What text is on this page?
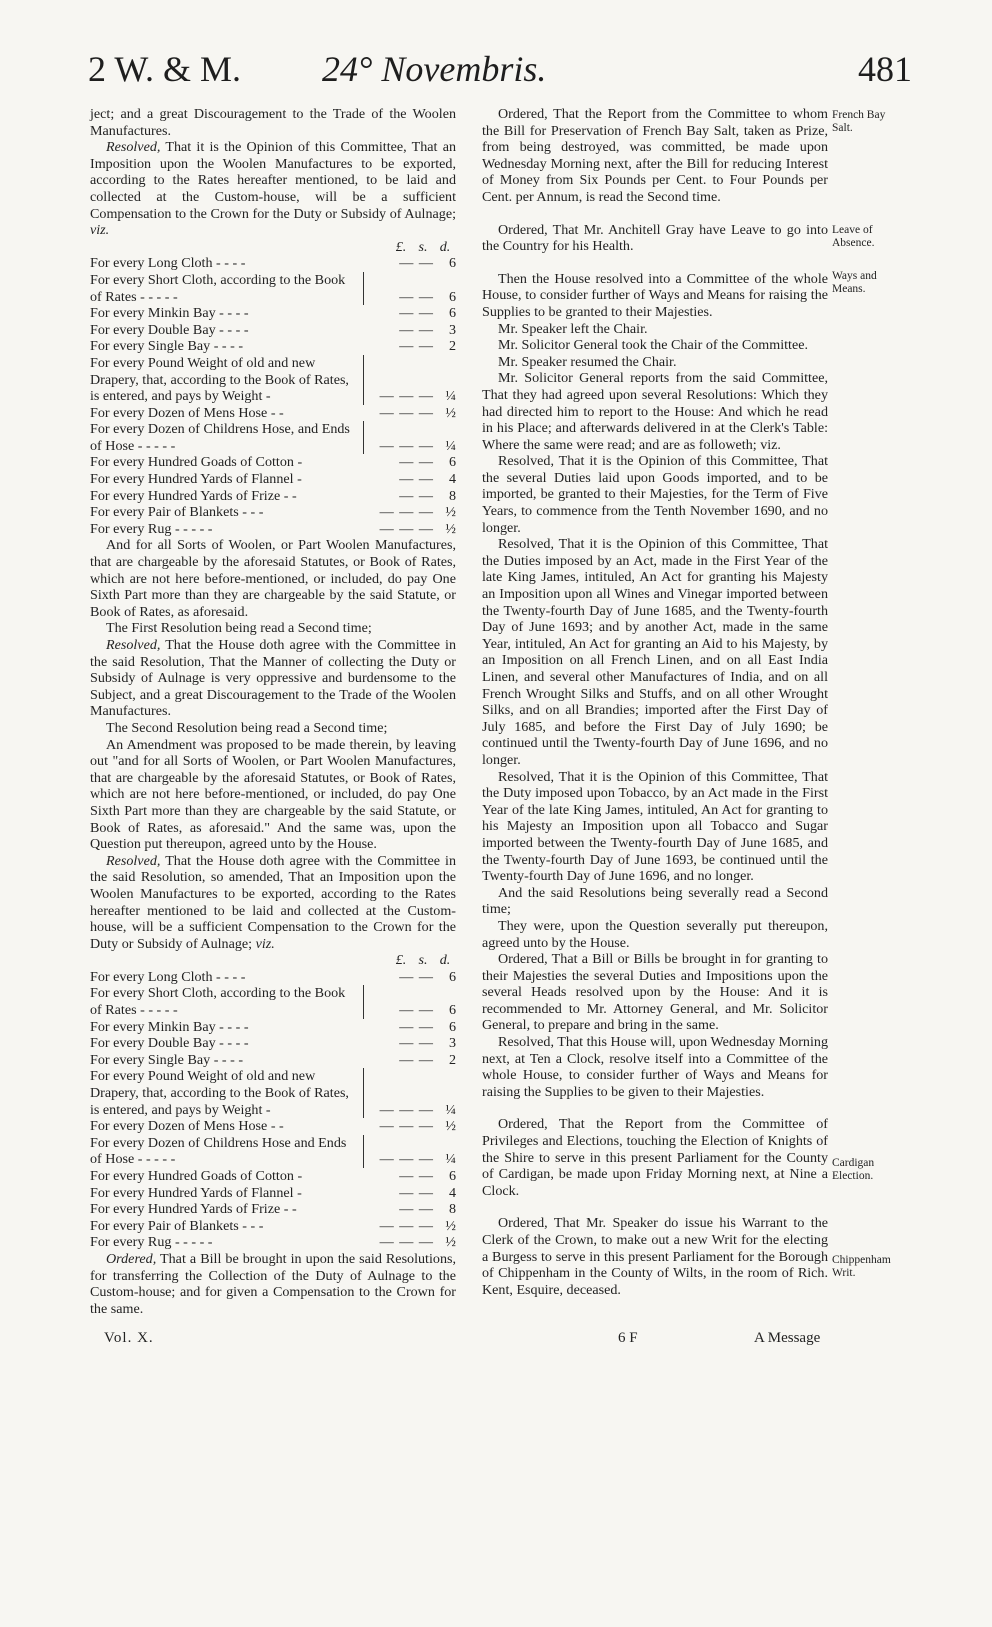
2 W. & M. 24° Novembris.	481

ject; and a great Discouragement to the Trade of the Woolen Manufactures.

Resolved, That it is the Opinion of this Committee, That an Imposition upon the Woolen Manufactures to be exported, according to the Rates hereafter mentioned, to be laid and collected at the Custom-house, will be a sufficient Compensation to the Crown for the Duty or Subsidy of Aulnage; viz.

£. s. d.
For every Long Cloth - - - -	— —	6
For every Short Cloth, according to the Book of Rates - - - - -	— —	6
For every Minkin Bay - - - -	— —	6
For every Double Bay - - - -	— —	3
For every Single Bay - - - -	— —	2
For every Pound Weight of old and new Drapery, that, according to the Book of Rates, is entered, and pays by Weight -	— — — ¼
For every Dozen of Mens Hose - -	— — — ½
For every Dozen of Childrens Hose, and Ends of Hose - - - - -	— — — ¼
For every Hundred Goads of Cotton -	— —	6
For every Hundred Yards of Flannel -	— —	4
For every Hundred Yards of Frize - -	— —	8
For every Pair of Blankets - - -	— — — ½
For every Rug - - - - -	— — — ½

And for all Sorts of Woolen, or Part Woolen Manufactures, that are chargeable by the aforesaid Statutes, or Book of Rates, which are not here before-mentioned, or included, do pay One Sixth Part more than they are chargeable by the said Statute, or Book of Rates, as aforesaid.

The First Resolution being read a Second time;

Resolved, That the House doth agree with the Committee in the said Resolution, That the Manner of collecting the Duty or Subsidy of Aulnage is very oppressive and burdensome to the Subject, and a great Discouragement to the Trade of the Woolen Manufactures.

The Second Resolution being read a Second time;

An Amendment was proposed to be made therein, by leaving out "and for all Sorts of Woolen, or Part Woolen Manufactures, that are chargeable by the aforesaid Statutes, or Book of Rates, which are not here before-mentioned, or included, do pay One Sixth Part more than they are chargeable by the said Statute, or Book of Rates, as aforesaid." And the same was, upon the Question put thereupon, agreed unto by the House.

Resolved, That the House doth agree with the Committee in the said Resolution, so amended, That an Imposition upon the Woolen Manufactures to be exported, according to the Rates hereafter mentioned to be laid and collected at the Custom-house, will be a sufficient Compensation to the Crown for the Duty or Subsidy of Aulnage; viz.

£. s. d.
For every Long Cloth - - - -	— —	6
For every Short Cloth, according to the Book of Rates - - - - -	— —	6
For every Minkin Bay - - - -	— —	6
For every Double Bay - - - -	— —	3
For every Single Bay - - - -	— —	2
For every Pound Weight of old and new Drapery, that, according to the Book of Rates, is entered, and pays by Weight -	— — — ¼
For every Dozen of Mens Hose - -	— — — ½
For every Dozen of Childrens Hose and Ends of Hose - - - - -	— — — ¼
For every Hundred Goads of Cotton -	— —	6
For every Hundred Yards of Flannel -	— —	4
For every Hundred Yards of Frize - -	— —	8
For every Pair of Blankets - - -	— — — ½
For every Rug - - - - -	— — — ½

Ordered, That a Bill be brought in upon the said Resolutions, for transferring the Collection of the Duty of Aulnage to the Custom-house; and for given a Compensation to the Crown for the same.

Ordered, That the Report from the Committee to whom the Bill for Preservation of French Bay Salt, taken as Prize, from being destroyed, was committed, be made upon Wednesday Morning next, after the Bill for reducing Interest of Money from Six Pounds per Cent. to Four Pounds per Cent. per Annum, is read the Second time.

Ordered, That Mr. Anchitell Gray have Leave to go into the Country for his Health.

Then the House resolved into a Committee of the whole House, to consider further of Ways and Means for raising the Supplies to be granted to their Majesties.

Mr. Speaker left the Chair.

Mr. Solicitor General took the Chair of the Committee.

Mr. Speaker resumed the Chair.

Mr. Solicitor General reports from the said Committee, That they had agreed upon several Resolutions: Which they had directed him to report to the House: And which he read in his Place; and afterwards delivered in at the Clerk's Table: Where the same were read; and are as followeth; viz.

Resolved, That it is the Opinion of this Committee, That the several Duties laid upon Goods imported, and to be imported, be granted to their Majesties, for the Term of Five Years, to commence from the Tenth November 1690, and no longer.

Resolved, That it is the Opinion of this Committee, That the Duties imposed by an Act, made in the First Year of the late King James, intituled, An Act for granting his Majesty an Imposition upon all Wines and Vinegar imported between the Twenty-fourth Day of June 1685, and the Twenty-fourth Day of June 1693; and by another Act, made in the same Year, intituled, An Act for granting an Aid to his Majesty, by an Imposition on all French Linen, and on all East India Linen, and several other Manufactures of India, and on all French Wrought Silks and Stuffs, and on all other Wrought Silks, and on all Brandies; imported after the First Day of July 1685, and before the First Day of July 1690; be continued until the Twenty-fourth Day of June 1696, and no longer.

Resolved, That it is the Opinion of this Committee, That the Duty imposed upon Tobacco, by an Act made in the First Year of the late King James, intituled, An Act for granting to his Majesty an Imposition upon all Tobacco and Sugar imported between the Twenty-fourth Day of June 1685, and the Twenty-fourth Day of June 1693, be continued until the Twenty-fourth Day of June 1696, and no longer.

And the said Resolutions being severally read a Second time;

They were, upon the Question severally put thereupon, agreed unto by the House.

Ordered, That a Bill or Bills be brought in for granting to their Majesties the several Duties and Impositions upon the several Heads resolved upon by the House: And it is recommended to Mr. Attorney General, and Mr. Solicitor General, to prepare and bring in the same.

Resolved, That this House will, upon Wednesday Morning next, at Ten a Clock, resolve itself into a Committee of the whole House, to consider further of Ways and Means for raising the Supplies to be given to their Majesties.

Ordered, That the Report from the Committee of Privileges and Elections, touching the Election of Knights of the Shire to serve in this present Parliament for the County of Cardigan, be made upon Friday Morning next, at Nine a Clock.

Ordered, That Mr. Speaker do issue his Warrant to the Clerk of the Crown, to make out a new Writ for the electing a Burgess to serve in this present Parliament for the Borough of Chippenham in the County of Wilts, in the room of Rich. Kent, Esquire, deceased.

French Bay Salt.
Leave of Absence.
Ways and Means.
Cardigan Election.
Chippenham Writ.
Vol. X.	6 F	A Message
